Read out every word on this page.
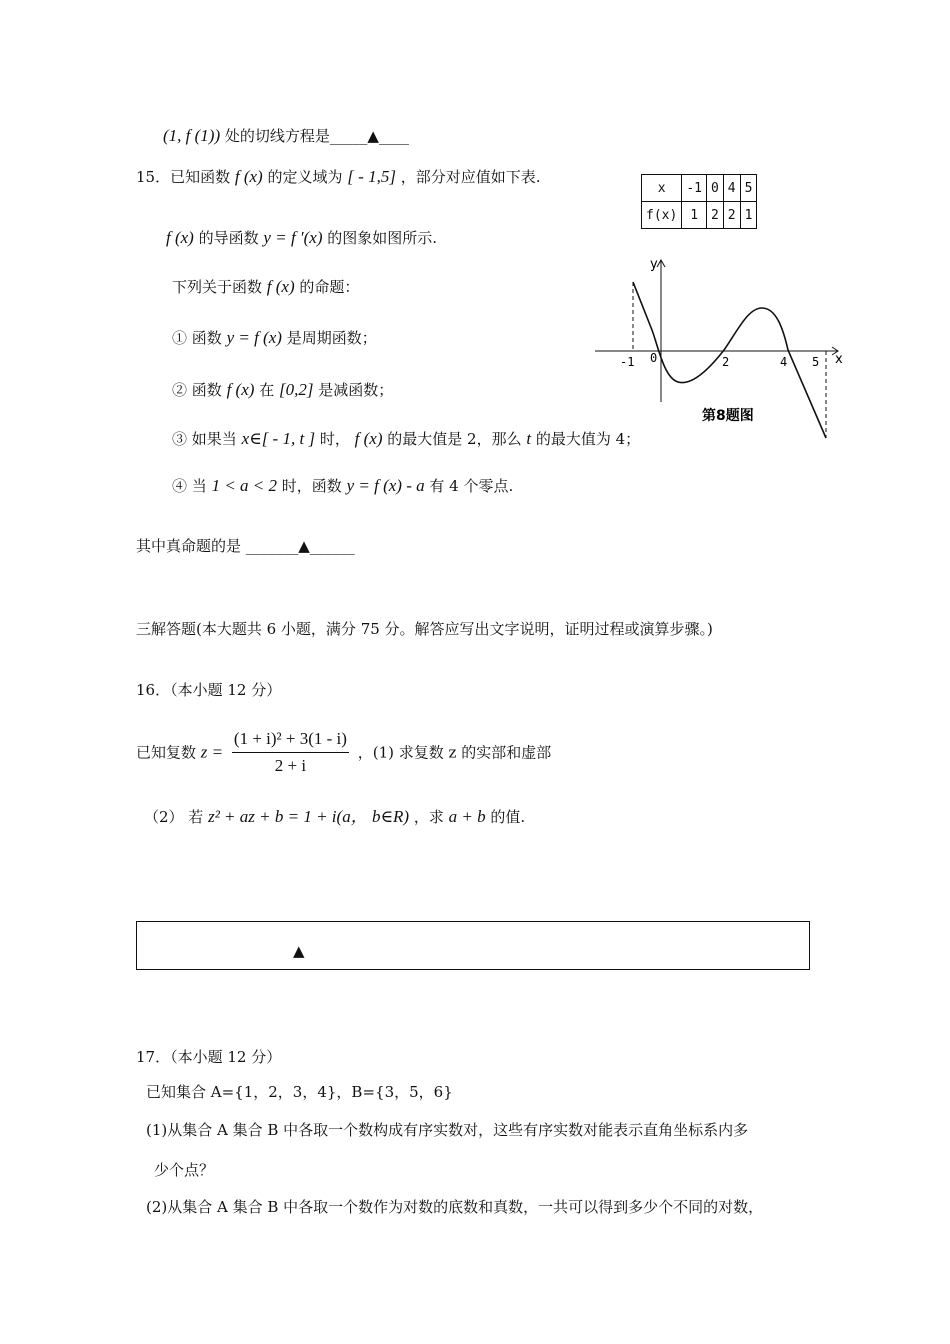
(1, f (1)) 处的切线方程是_____▲____
15．已知函数 f (x) 的定义域为 [ - 1,5] ，部分对应值如下表.
f (x) 的导函数 y = f ′(x) 的图象如图所示.
下列关于函数 f (x) 的命题：
① 函数 y = f (x) 是周期函数；
② 函数 f (x) 在 [0,2] 是减函数；
③ 如果当 x∈[ - 1, t ] 时， f (x) 的最大值是 2，那么 t 的最大值为 4；
④ 当 1 < a < 2 时，函数 y = f (x) - a 有 4 个零点.
其中真命题的是 _______▲______
x	-1	0	4	5
f(x)	1	2	2	1
y
x
-1 0	2	4 5
第8题图
三解答题(本大题共 6 小题，满分 75 分。解答应写出文字说明，证明过程或演算步骤。)
16．（本小题 12 分）
已知复数 $z = \frac{\text{(1 + i)² + 3(1 - i)}}{2 + i}$ ，(1) 求复数 z 的实部和虚部
（2） 若 z² + az + b = 1 + i(a， b∈R) ，求 a + b 的值.
▲
17．（本小题 12 分）
已知集合 A={1，2，3，4}，B={3，5，6}
(1)从集合 A 集合 B 中各取一个数构成有序实数对，这些有序实数对能表示直角坐标系内多
少个点？
(2)从集合 A 集合 B 中各取一个数作为对数的底数和真数，一共可以得到多少个不同的对数，
